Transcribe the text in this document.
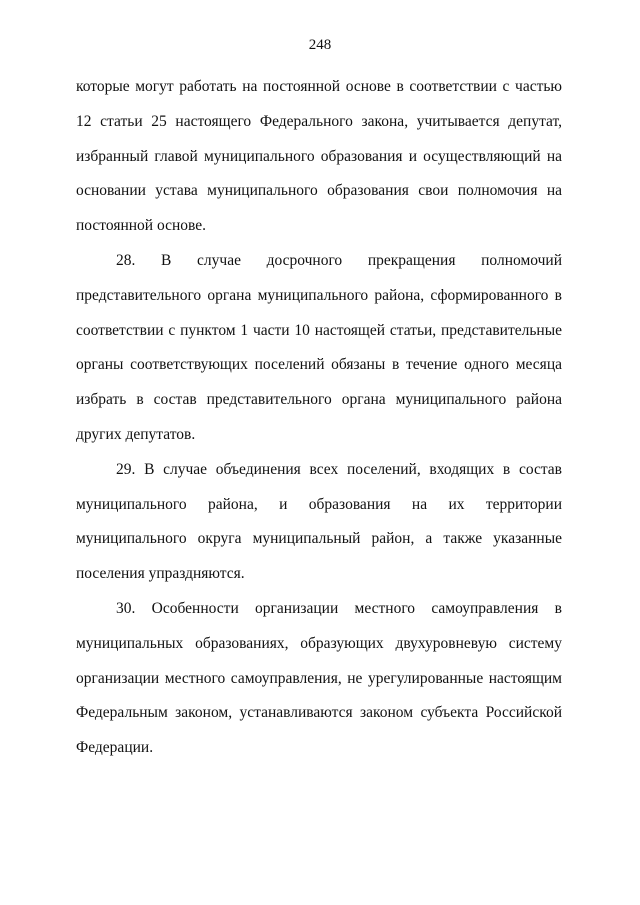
248

которые могут работать на постоянной основе в соответствии с частью 12 статьи 25 настоящего Федерального закона, учитывается депутат, избранный главой муниципального образования и осуществляющий на основании устава муниципального образования свои полномочия на постоянной основе.

28. В случае досрочного прекращения полномочий представительного органа муниципального района, сформированного в соответствии с пунктом 1 части 10 настоящей статьи, представительные органы соответствующих поселений обязаны в течение одного месяца избрать в состав представительного органа муниципального района других депутатов.

29. В случае объединения всех поселений, входящих в состав муниципального района, и образования на их территории муниципального округа муниципальный район, а также указанные поселения упраздняются.

30. Особенности организации местного самоуправления в муниципальных образованиях, образующих двухуровневую систему организации местного самоуправления, не урегулированные настоящим Федеральным законом, устанавливаются законом субъекта Российской Федерации.
